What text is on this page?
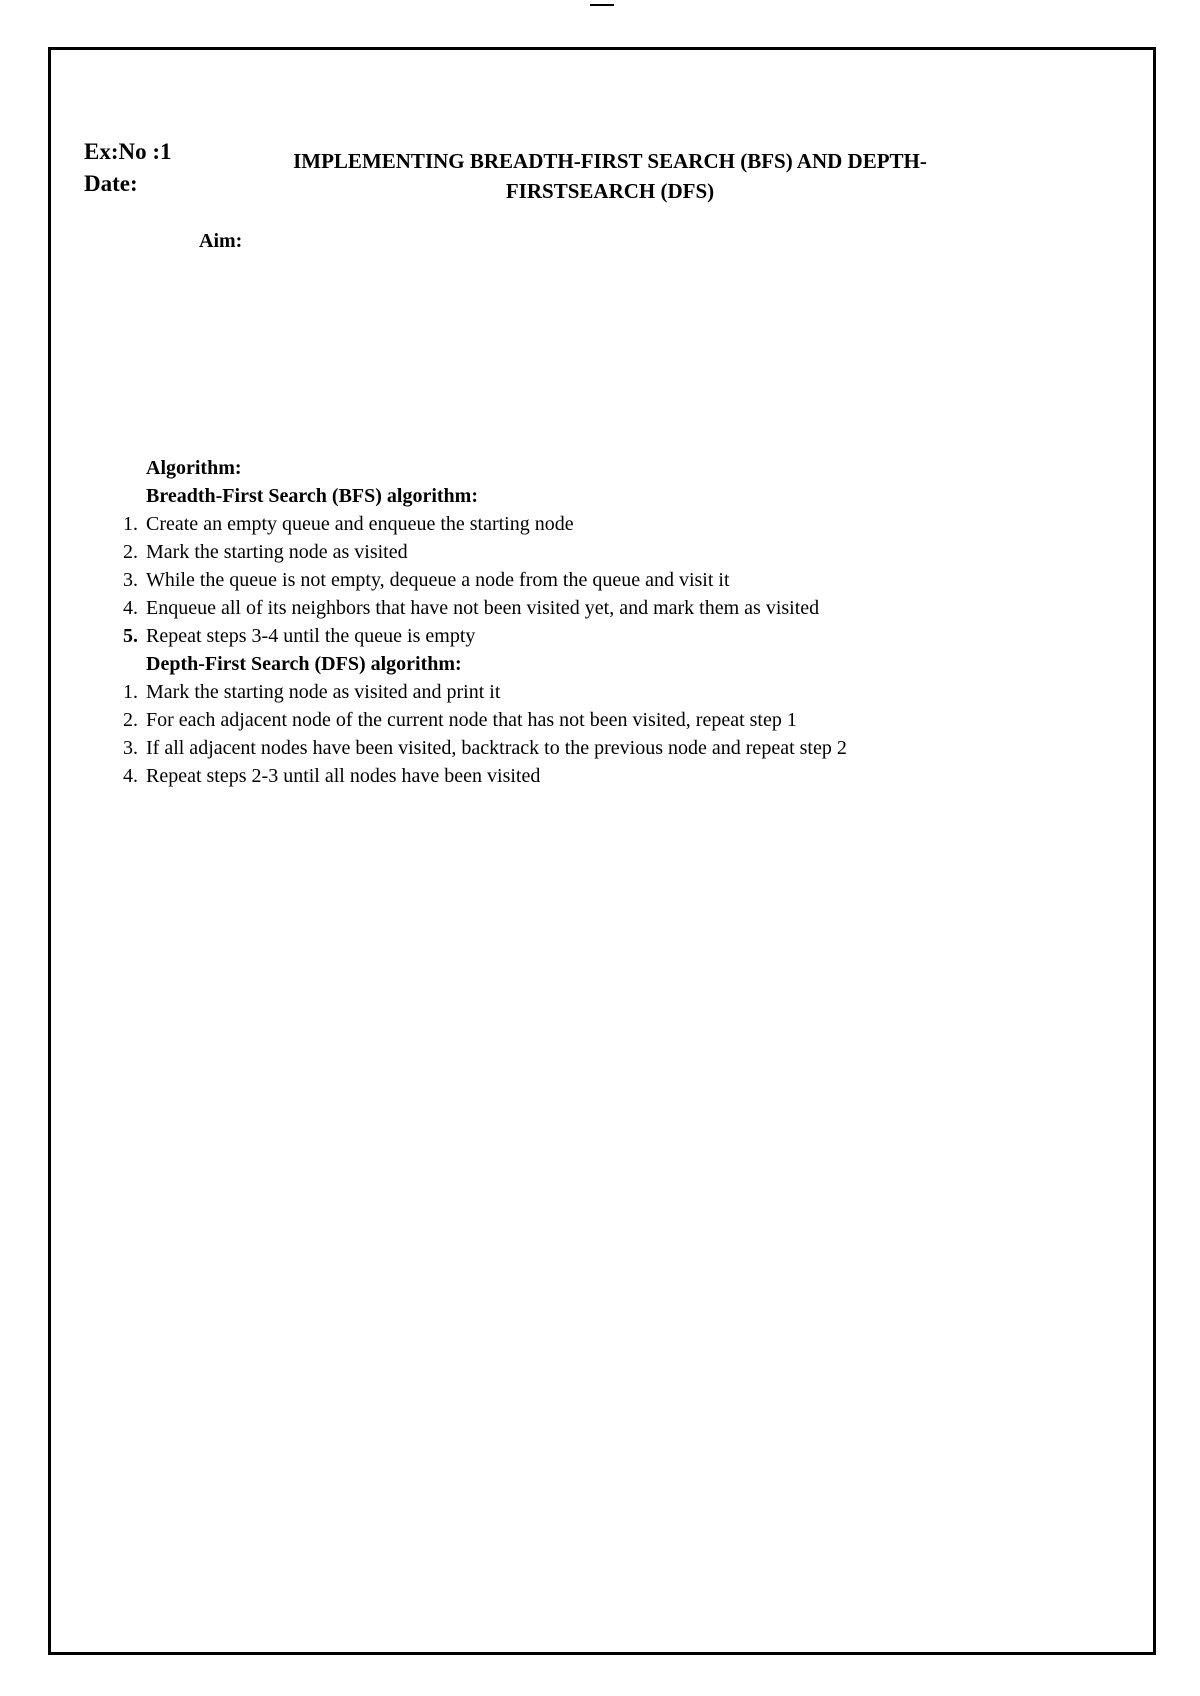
Ex:No :1
Date:
IMPLEMENTING BREADTH-FIRST SEARCH (BFS) AND DEPTH-
FIRSTSEARCH (DFS)
Aim:
Algorithm:
Breadth-First Search (BFS) algorithm:
1. Create an empty queue and enqueue the starting node
2. Mark the starting node as visited
3. While the queue is not empty, dequeue a node from the queue and visit it
4. Enqueue all of its neighbors that have not been visited yet, and mark them as visited
5. Repeat steps 3-4 until the queue is empty
Depth-First Search (DFS) algorithm:
1. Mark the starting node as visited and print it
2. For each adjacent node of the current node that has not been visited, repeat step 1
3. If all adjacent nodes have been visited, backtrack to the previous node and repeat step 2
4. Repeat steps 2-3 until all nodes have been visited
